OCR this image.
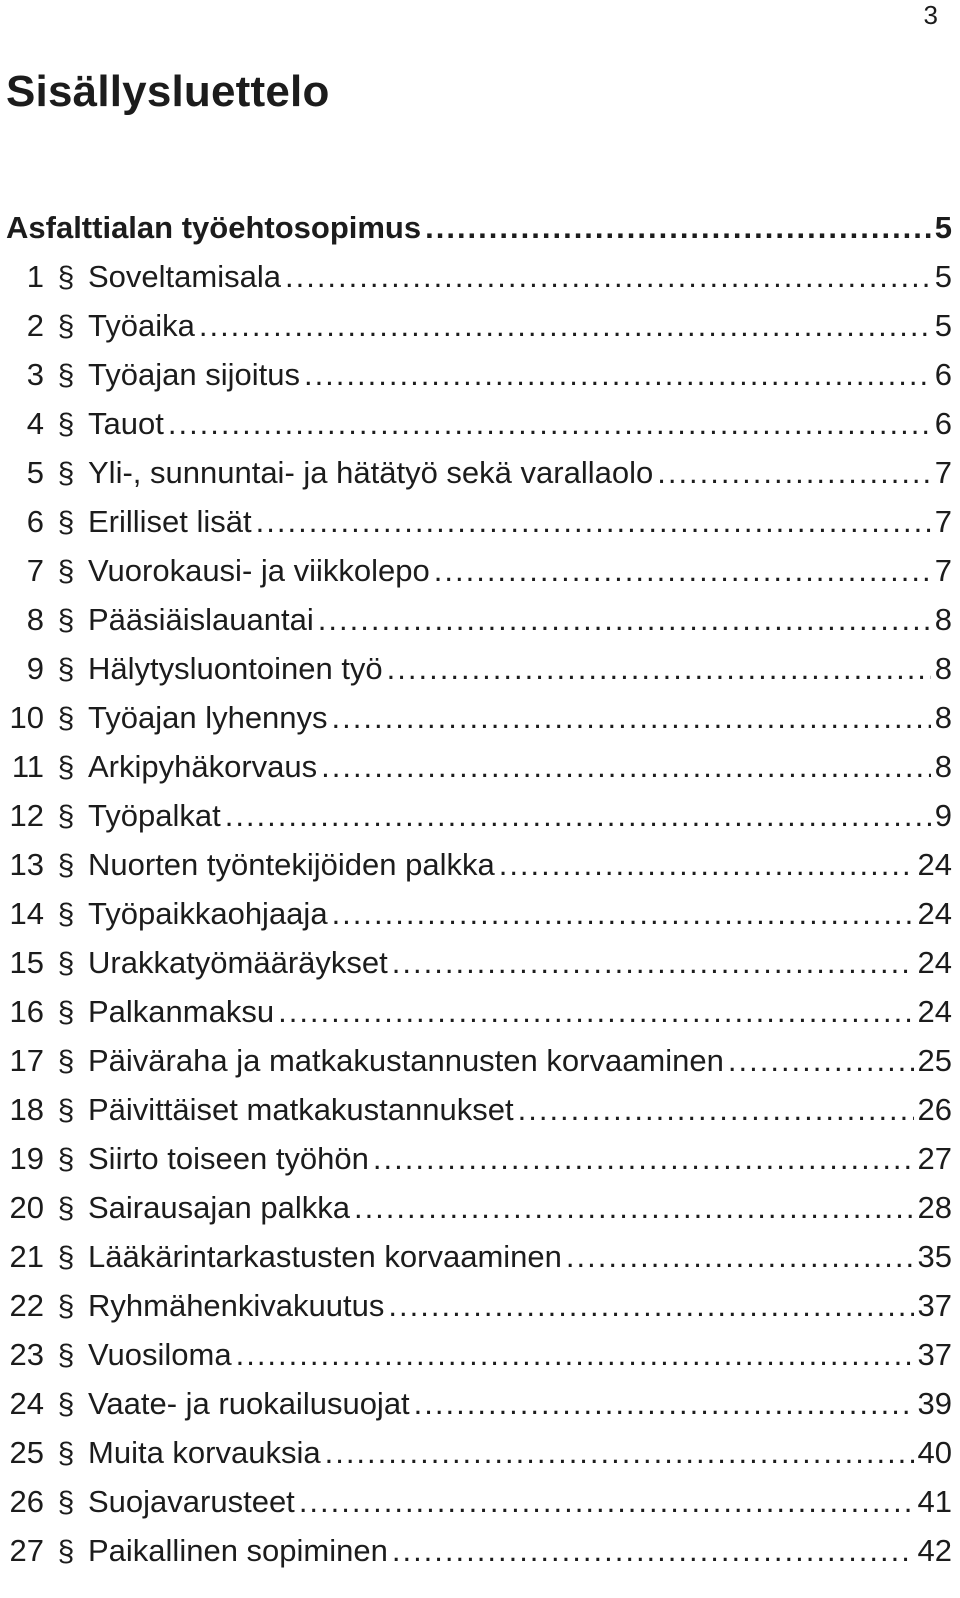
3
Sisällysluettelo
Asfalttialan työehtosopimus .....	5
1 § Soveltamisala .....	5
2 § Työaika .....	5
3 § Työajan sijoitus .....	6
4 § Tauot .....	6
5 § Yli-, sunnuntai- ja hätätyö sekä varallaolo .....	7
6 § Erilliset lisät .....	7
7 § Vuorokausi- ja viikkolepo .....	7
8 § Pääsiäislauantai .....	8
9 § Hälytysluontoinen työ .....	8
10 § Työajan lyhennys .....	8
11 § Arkipyhäkorvaus .....	8
12 § Työpalkat .....	9
13 § Nuorten työntekijöiden palkka .....	24
14 § Työpaikkaohjaaja .....	24
15 § Urakkatyömääräykset .....	24
16 § Palkanmaksu .....	24
17 § Päiväraha ja matkakustannusten korvaaminen .....	25
18 § Päivittäiset matkakustannukset .....	26
19 § Siirto toiseen työhön .....	27
20 § Sairausajan palkka .....	28
21 § Lääkärintarkastusten korvaaminen .....	35
22 § Ryhmähenkivakuutus .....	37
23 § Vuosiloma .....	37
24 § Vaate- ja ruokailusuojat .....	39
25 § Muita korvauksia .....	40
26 § Suojavarusteet .....	41
27 § Paikallinen sopiminen .....	42
